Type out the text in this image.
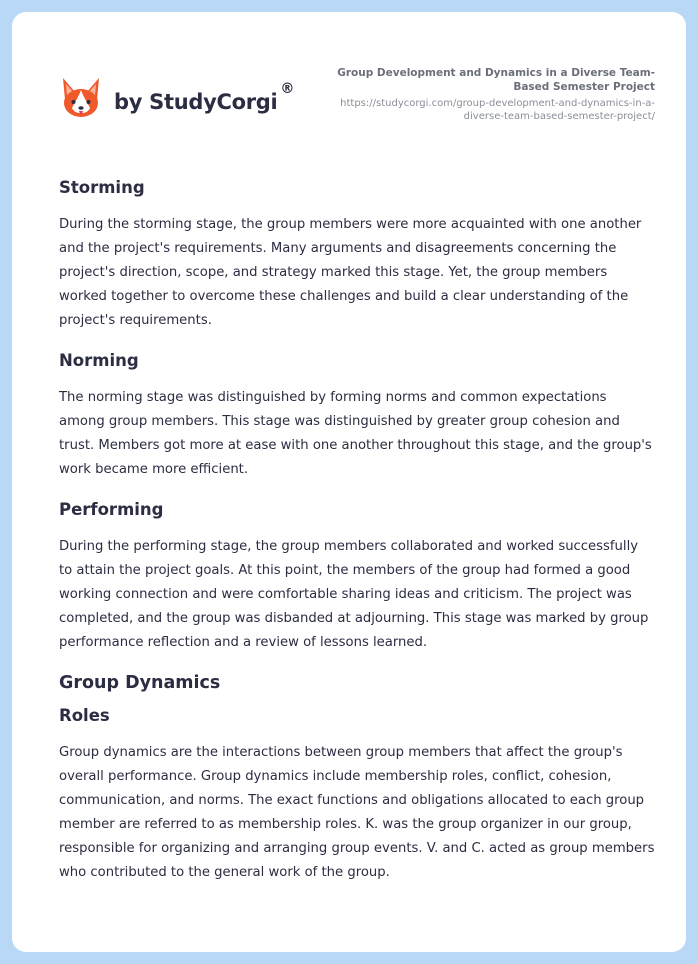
by StudyCorgi
®
Group Development and Dynamics in a Diverse Team-Based Semester Project
https://studycorgi.com/group-development-and-dynamics-in-a-diverse-team-based-semester-project/
Storming

During the storming stage, the group members were more acquainted with one another and the project's requirements. Many arguments and disagreements concerning the project's direction, scope, and strategy marked this stage. Yet, the group members worked together to overcome these challenges and build a clear understanding of the project's requirements.

Norming

The norming stage was distinguished by forming norms and common expectations among group members. This stage was distinguished by greater group cohesion and trust. Members got more at ease with one another throughout this stage, and the group's work became more efficient.

Performing

During the performing stage, the group members collaborated and worked successfully to attain the project goals. At this point, the members of the group had formed a good working connection and were comfortable sharing ideas and criticism. The project was completed, and the group was disbanded at adjourning. This stage was marked by group performance reflection and a review of lessons learned.

Group Dynamics
Roles

Group dynamics are the interactions between group members that affect the group's overall performance. Group dynamics include membership roles, conflict, cohesion, communication, and norms. The exact functions and obligations allocated to each group member are referred to as membership roles. K. was the group organizer in our group, responsible for organizing and arranging group events. V. and C. acted as group members who contributed to the general work of the group.
